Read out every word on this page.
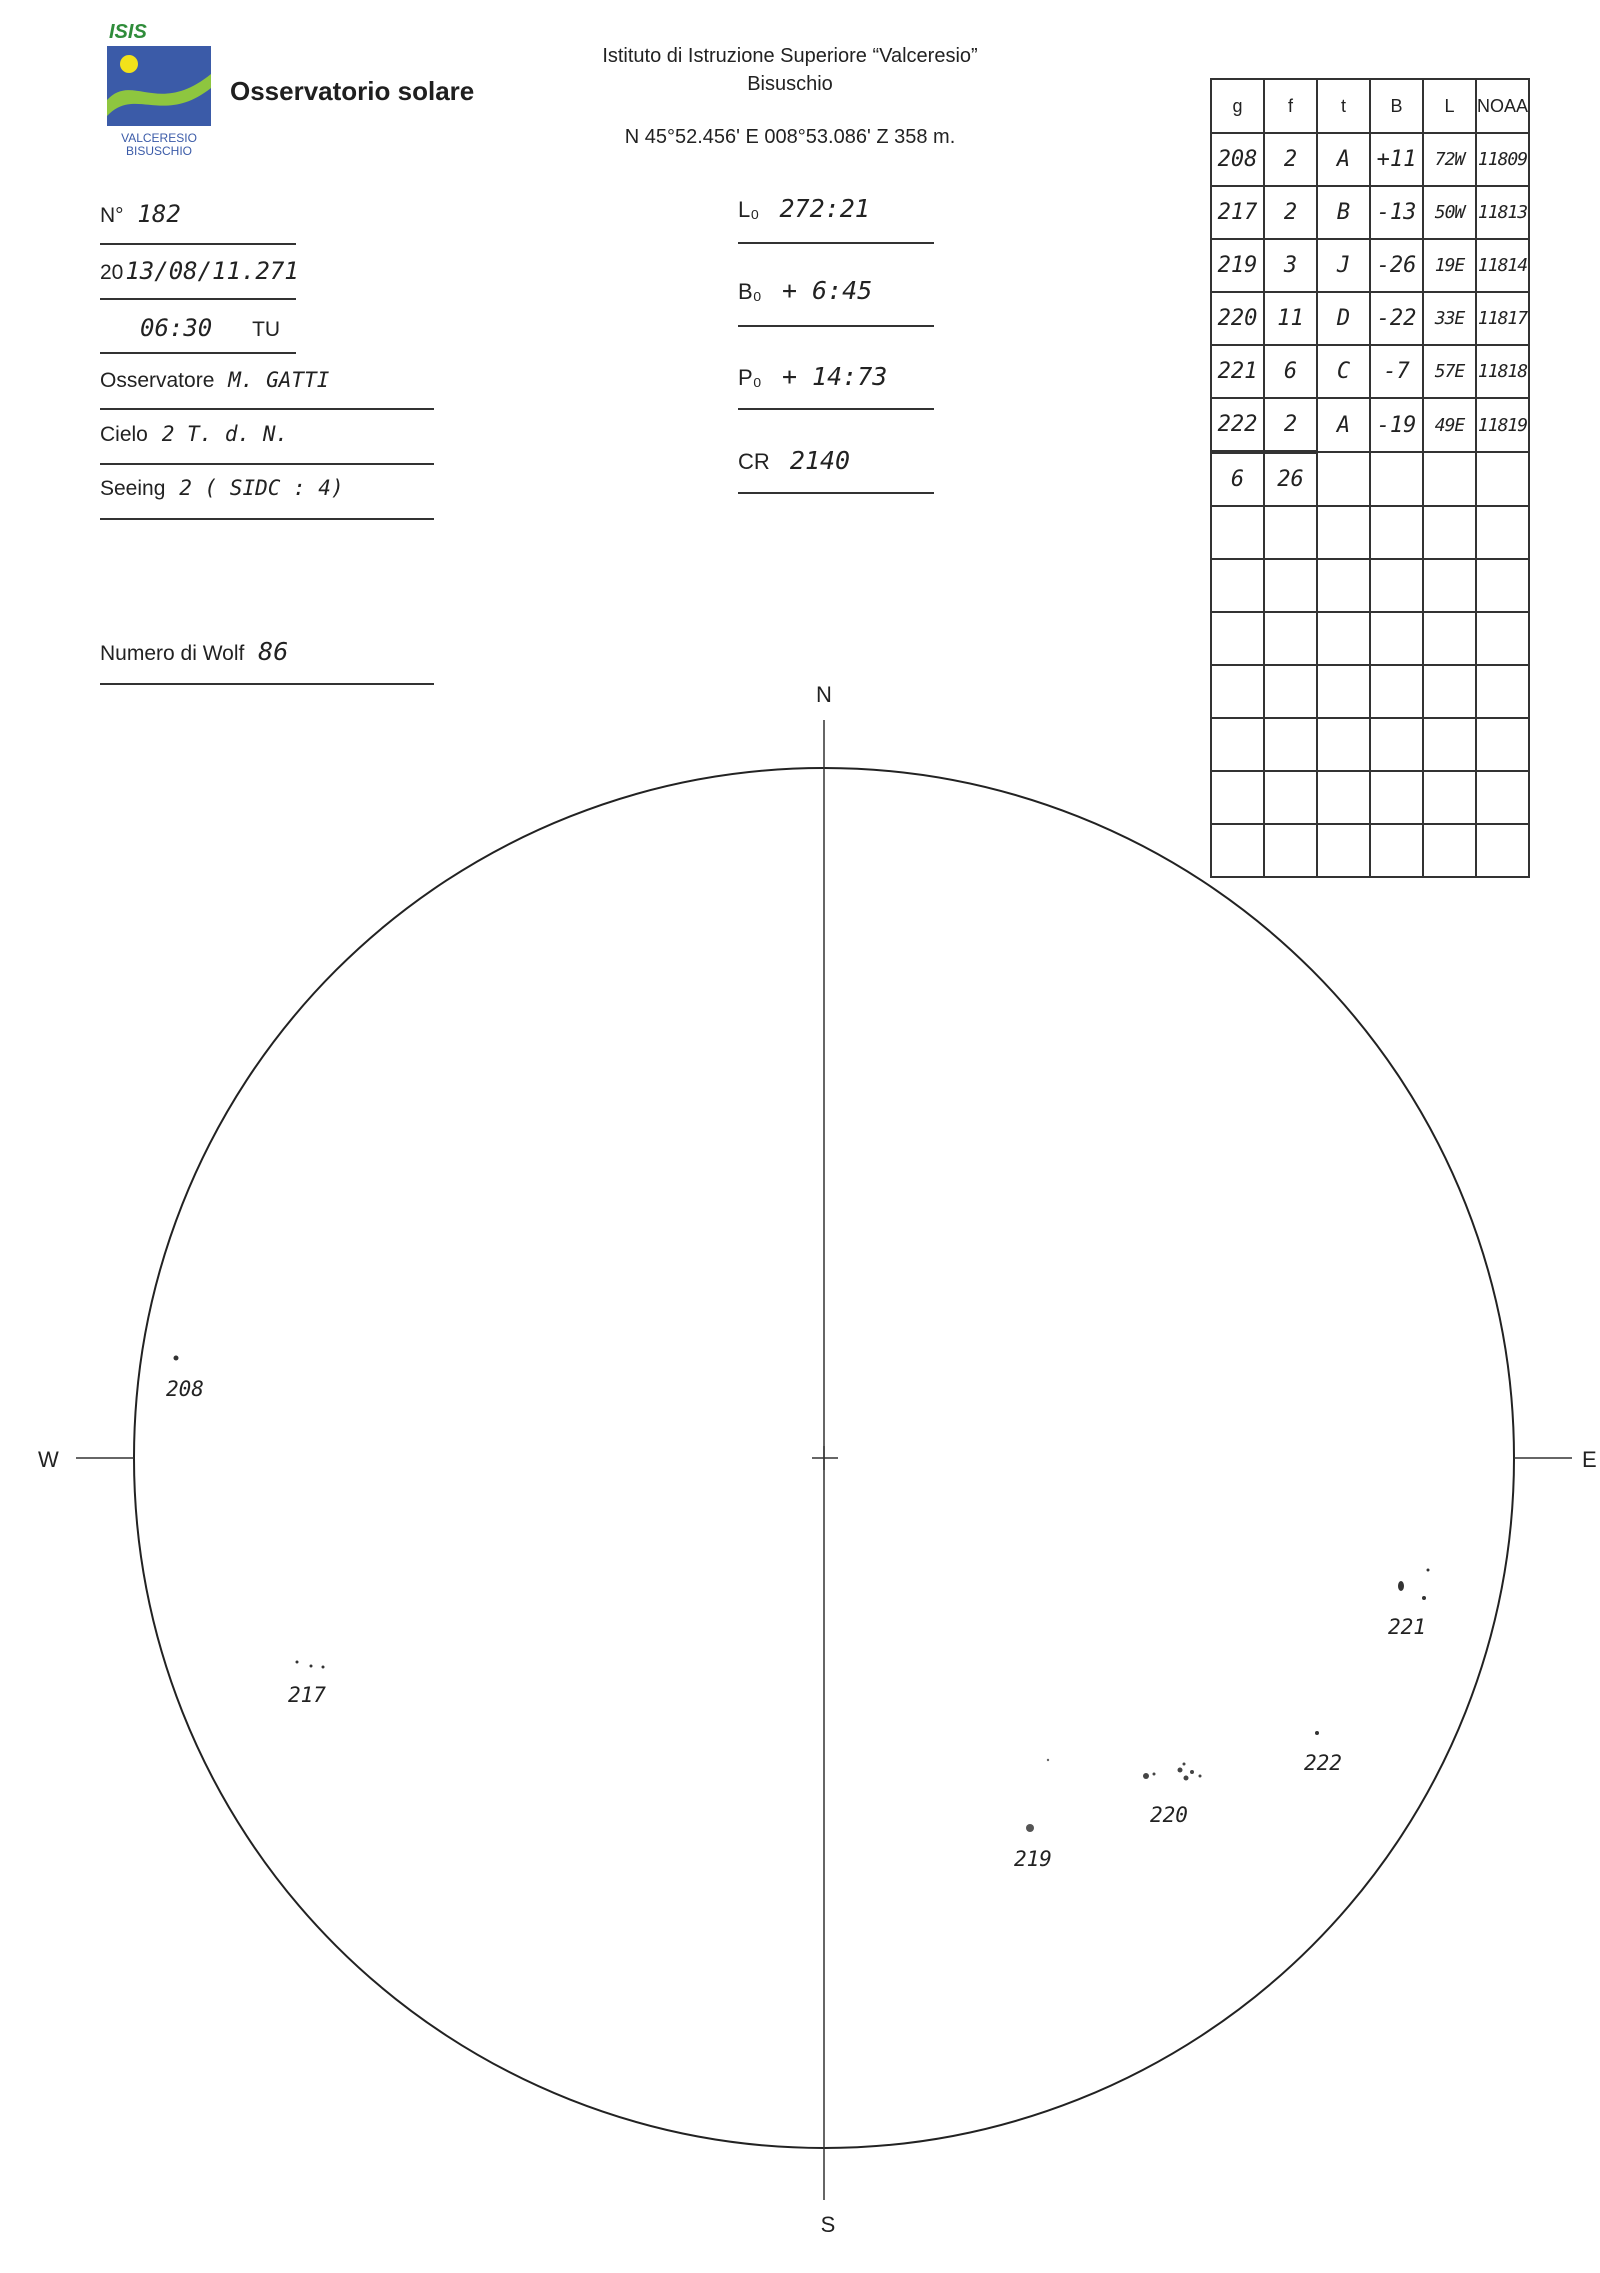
ISIS
VALCERESIO
BISUSCHIO
Osservatorio solare
Istituto di Istruzione Superiore “Valceresio”
Bisuschio
N 45°52.456' E 008°53.086' Z 358 m.
N° 182
2013/08/11.271
06:30 TU
Osservatore M. GATTI
Cielo 2 T. d. N.
Seeing 2 ( SIDC : 4)
Numero di Wolf 86
L₀ 272:21
B₀ + 6:45
P₀ + 14:73
CR 2140
g	f	t	B	L	NOAA
208	2	A	+11	72W	11809
217	2	B	-13	50W	11813
219	3	J	-26	19E	11814
220	11	D	-22	33E	11817
221	6	C	-7	57E	11818
222	2	A	-19	49E	11819
6	26				

N
S
W	E
208
217
219
220
221
222
